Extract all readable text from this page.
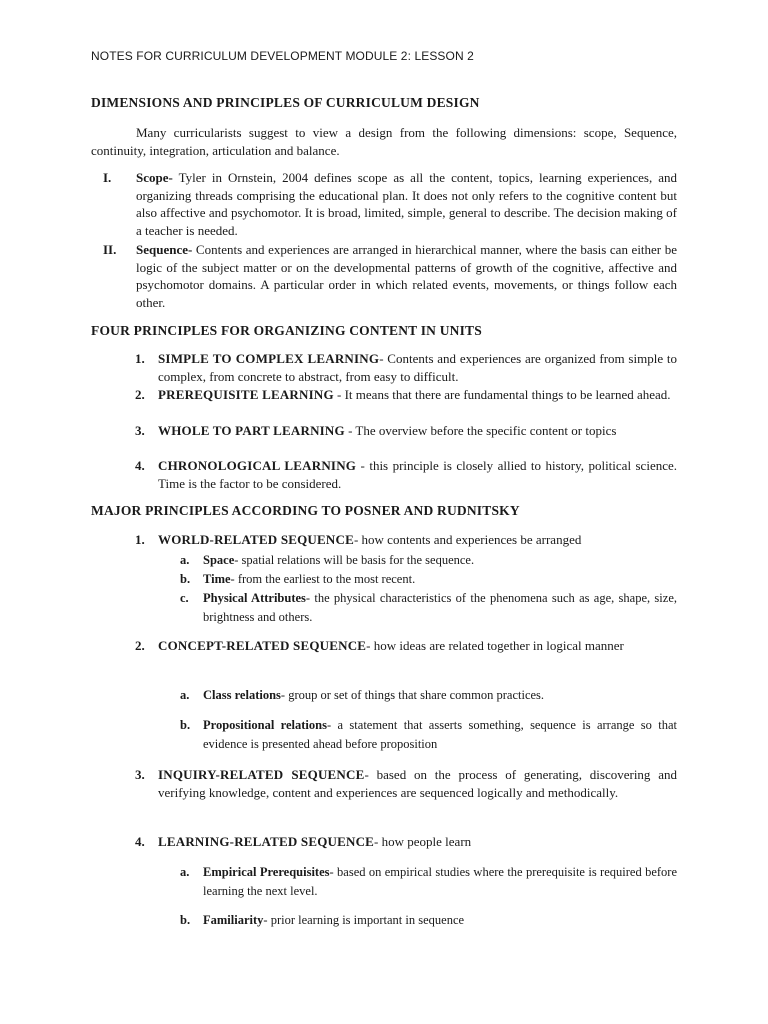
NOTES FOR CURRICULUM DEVELOPMENT MODULE 2: LESSON 2
DIMENSIONS AND PRINCIPLES OF CURRICULUM DESIGN

Many curricularists suggest to view a design from the following dimensions: scope, Sequence, continuity, integration, articulation and balance.

I. Scope- Tyler in Ornstein, 2004 defines scope as all the content, topics, learning experiences, and organizing threads comprising the educational plan. It does not only refers to the cognitive content but also affective and psychomotor. It is broad, limited, simple, general to describe. The decision making of a teacher is needed.
II. Sequence- Contents and experiences are arranged in hierarchical manner, where the basis can either be logic of the subject matter or on the developmental patterns of growth of the cognitive, affective and psychomotor domains. A particular order in which related events, movements, or things follow each other.
FOUR PRINCIPLES FOR ORGANIZING CONTENT IN UNITS
1. SIMPLE TO COMPLEX LEARNING- Contents and experiences are organized from simple to complex, from concrete to abstract, from easy to difficult.
2. PREREQUISITE LEARNING - It means that there are fundamental things to be learned ahead.
3. WHOLE TO PART LEARNING - The overview before the specific content or topics
4. CHRONOLOGICAL LEARNING - this principle is closely allied to history, political science. Time is the factor to be considered.
MAJOR PRINCIPLES ACCORDING TO POSNER AND RUDNITSKY
1. WORLD-RELATED SEQUENCE- how contents and experiences be arranged
a. Space- spatial relations will be basis for the sequence.
b. Time- from the earliest to the most recent.
c. Physical Attributes- the physical characteristics of the phenomena such as age, shape, size, brightness and others.
2. CONCEPT-RELATED SEQUENCE- how ideas are related together in logical manner
a. Class relations- group or set of things that share common practices.
b. Propositional relations- a statement that asserts something, sequence is arrange so that evidence is presented ahead before proposition
3. INQUIRY-RELATED SEQUENCE- based on the process of generating, discovering and verifying knowledge, content and experiences are sequenced logically and methodically.
4. LEARNING-RELATED SEQUENCE- how people learn
a. Empirical Prerequisites- based on empirical studies where the prerequisite is required before learning the next level.
b. Familiarity- prior learning is important in sequence
